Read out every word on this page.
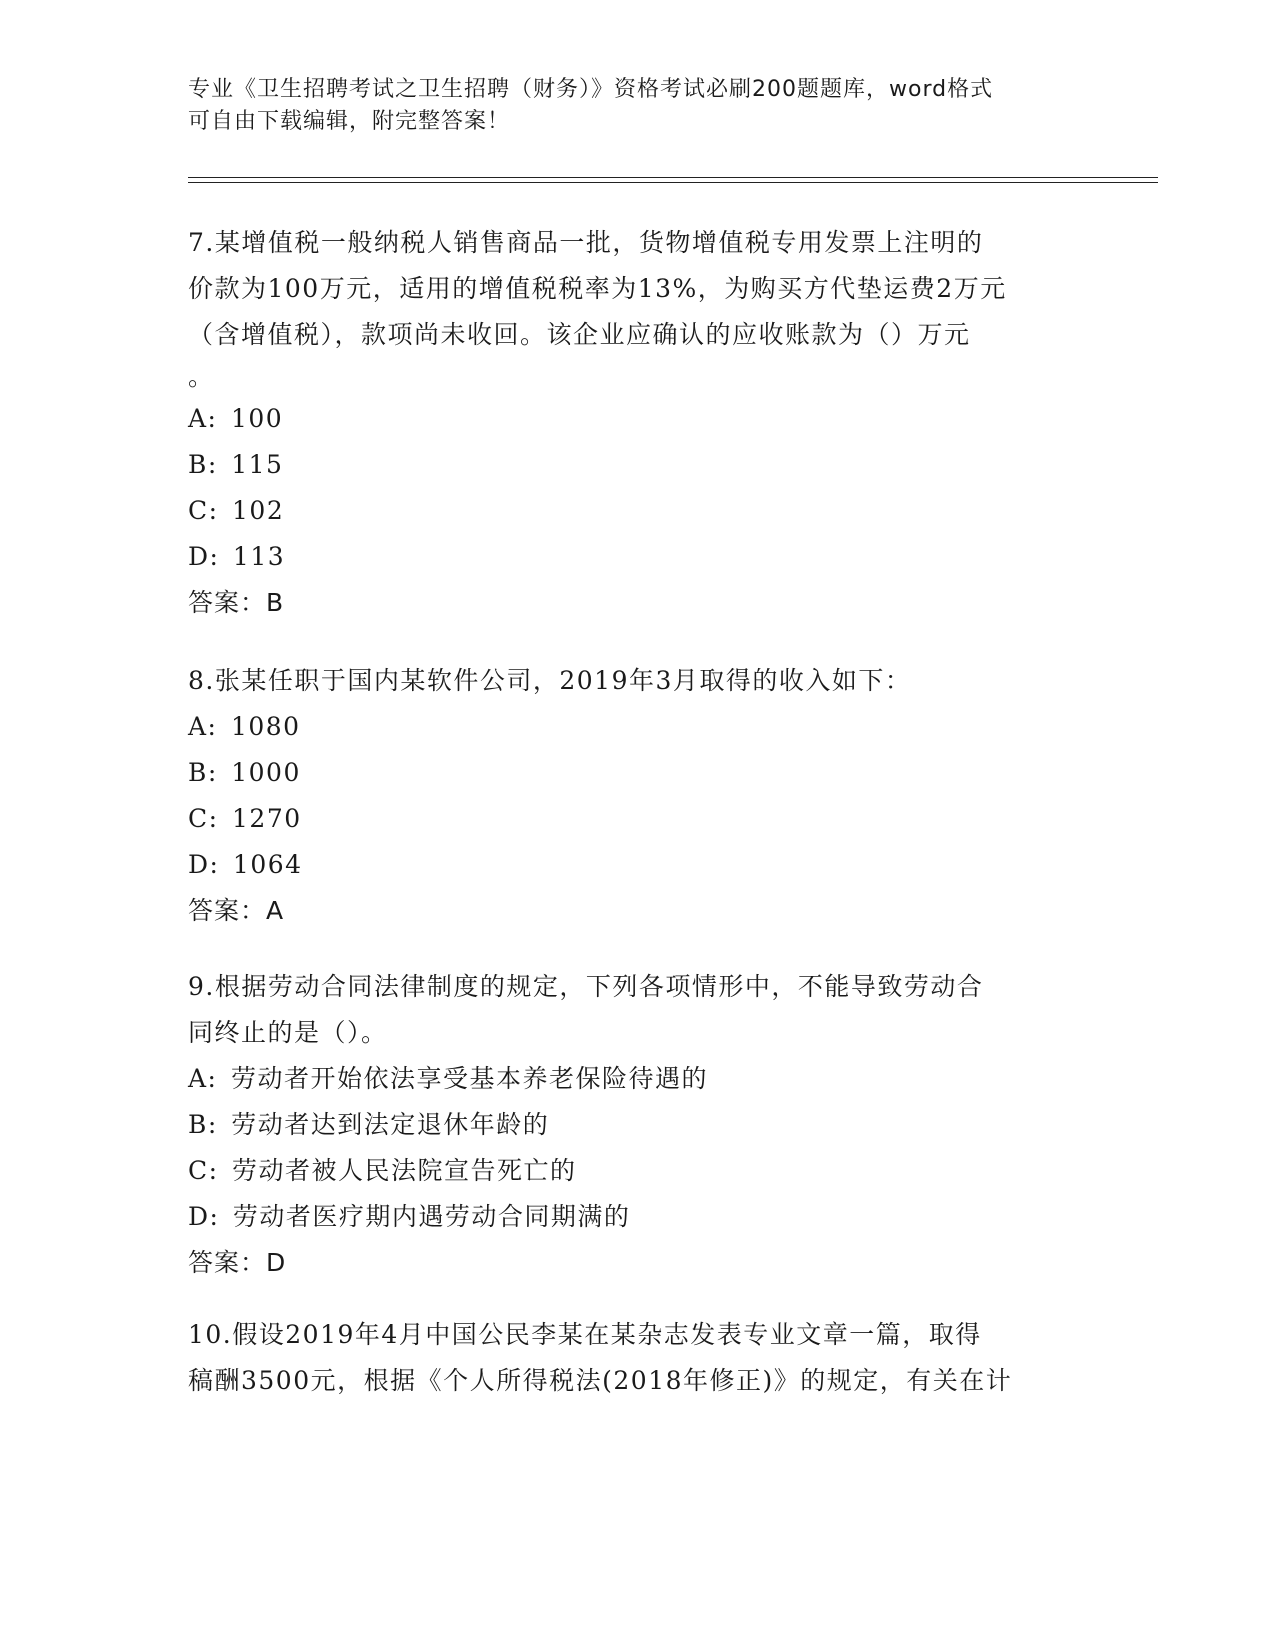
专业《卫生招聘考试之卫生招聘（财务）》资格考试必刷200题题库，word格式
可自由下载编辑，附完整答案！

7.某增值税一般纳税人销售商品一批，货物增值税专用发票上注明的

价款为100万元，适用的增值税税率为13%，为购买方代垫运费2万元

（含增值税），款项尚未收回。该企业应确认的应收账款为（）万元

。

A: 100
B: 115
C: 102
D: 113
答案：B

8.张某任职于国内某软件公司，2019年3月取得的收入如下：

A: 1080
B: 1000
C: 1270
D: 1064
答案：A

9.根据劳动合同法律制度的规定，下列各项情形中，不能导致劳动合

同终止的是（）。

A: 劳动者开始依法享受基本养老保险待遇的
B: 劳动者达到法定退休年龄的
C: 劳动者被人民法院宣告死亡的
D: 劳动者医疗期内遇劳动合同期满的
答案：D

10.假设2019年4月中国公民李某在某杂志发表专业文章一篇，取得

稿酬3500元，根据《个人所得税法(2018年修正)》的规定，有关在计
